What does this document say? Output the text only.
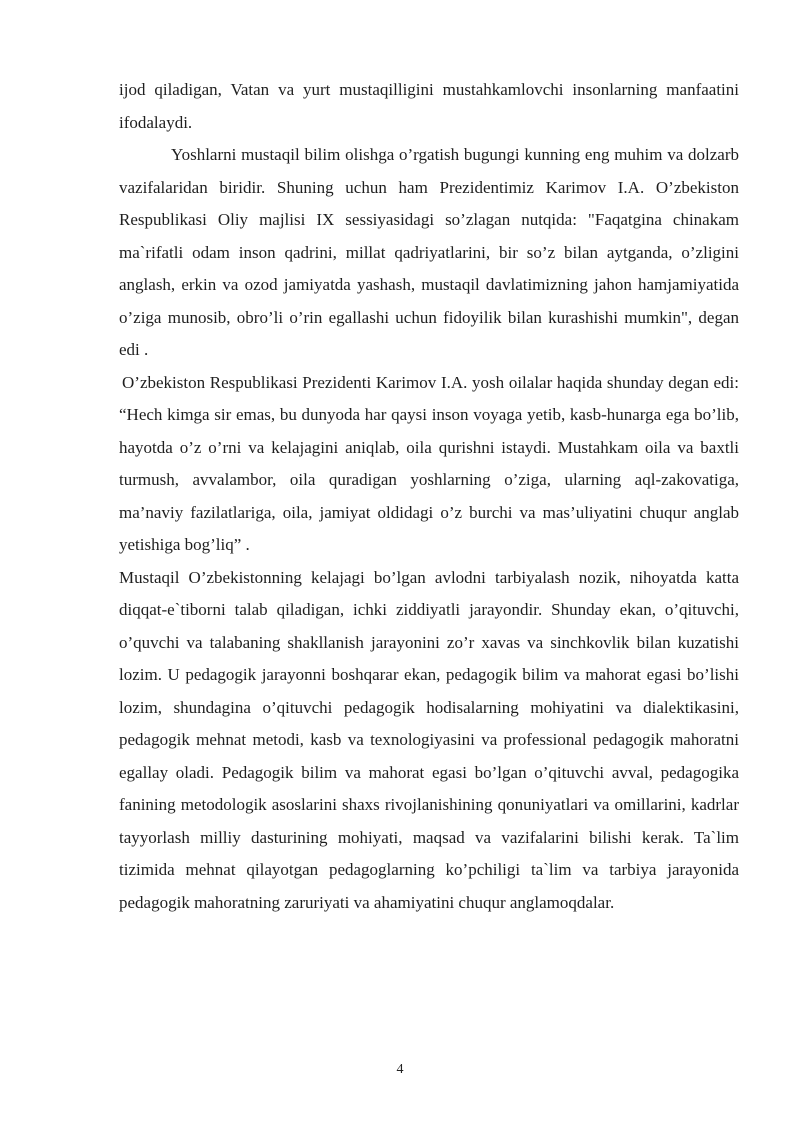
ijod qiladigan, Vatan va yurt mustaqilligini mustahkamlovchi insonlarning manfaatini ifodalaydi.

Yoshlarni mustaqil bilim olishga o’rgatish bugungi kunning eng muhim va dolzarb vazifalaridan biridir. Shuning uchun ham Prezidentimiz Karimov I.A. O’zbekiston Respublikasi Oliy majlisi IX sessiyasidagi so’zlagan nutqida: "Faqatgina chinakam ma`rifatli odam inson qadrini, millat qadriyatlarini, bir so’z bilan aytganda, o’zligini anglash, erkin va ozod jamiyatda yashash, mustaqil davlatimizning jahon hamjamiyatida o’ziga munosib, obro’li o’rin egallashi uchun fidoyilik bilan kurashishi mumkin", degan edi .

O’zbekiston Respublikasi Prezidenti Karimov I.A. yosh oilalar haqida shunday degan edi: “Hech kimga sir emas, bu dunyoda har qaysi inson voyaga yetib, kasb-hunarga ega bo’lib, hayotda o’z o’rni va kelajagini aniqlab, oila qurishni istaydi. Mustahkam oila va baxtli turmush, avvalambor, oila quradigan yoshlarning o’ziga, ularning aql-zakovatiga, ma’naviy fazilatlariga, oila, jamiyat oldidagi o’z burchi va mas’uliyatini chuqur anglab yetishiga bog’liq” .

Mustaqil O’zbekistonning kelajagi bo’lgan avlodni tarbiyalash nozik, nihoyatda katta diqqat-e`tiborni talab qiladigan, ichki ziddiyatli jarayondir. Shunday ekan, o’qituvchi, o’quvchi va talabaning shakllanish jarayonini zo’r xavas va sinchkovlik bilan kuzatishi lozim. U pedagogik jarayonni boshqarar ekan, pedagogik bilim va mahorat egasi bo’lishi lozim, shundagina o’qituvchi pedagogik hodisalarning mohiyatini va dialektikasini, pedagogik mehnat metodi, kasb va texnologiyasini va professional pedagogik mahoratni egallay oladi. Pedagogik bilim va mahorat egasi bo’lgan o’qituvchi avval, pedagogika fanining metodologik asoslarini shaxs rivojlanishining qonuniyatlari va omillarini, kadrlar tayyorlash milliy dasturining mohiyati, maqsad va vazifalarini bilishi kerak. Ta`lim tizimida mehnat qilayotgan pedagoglarning ko’pchiligi ta`lim va tarbiya jarayonida pedagogik mahoratning zaruriyati va ahamiyatini chuqur anglamoqdalar.

4
